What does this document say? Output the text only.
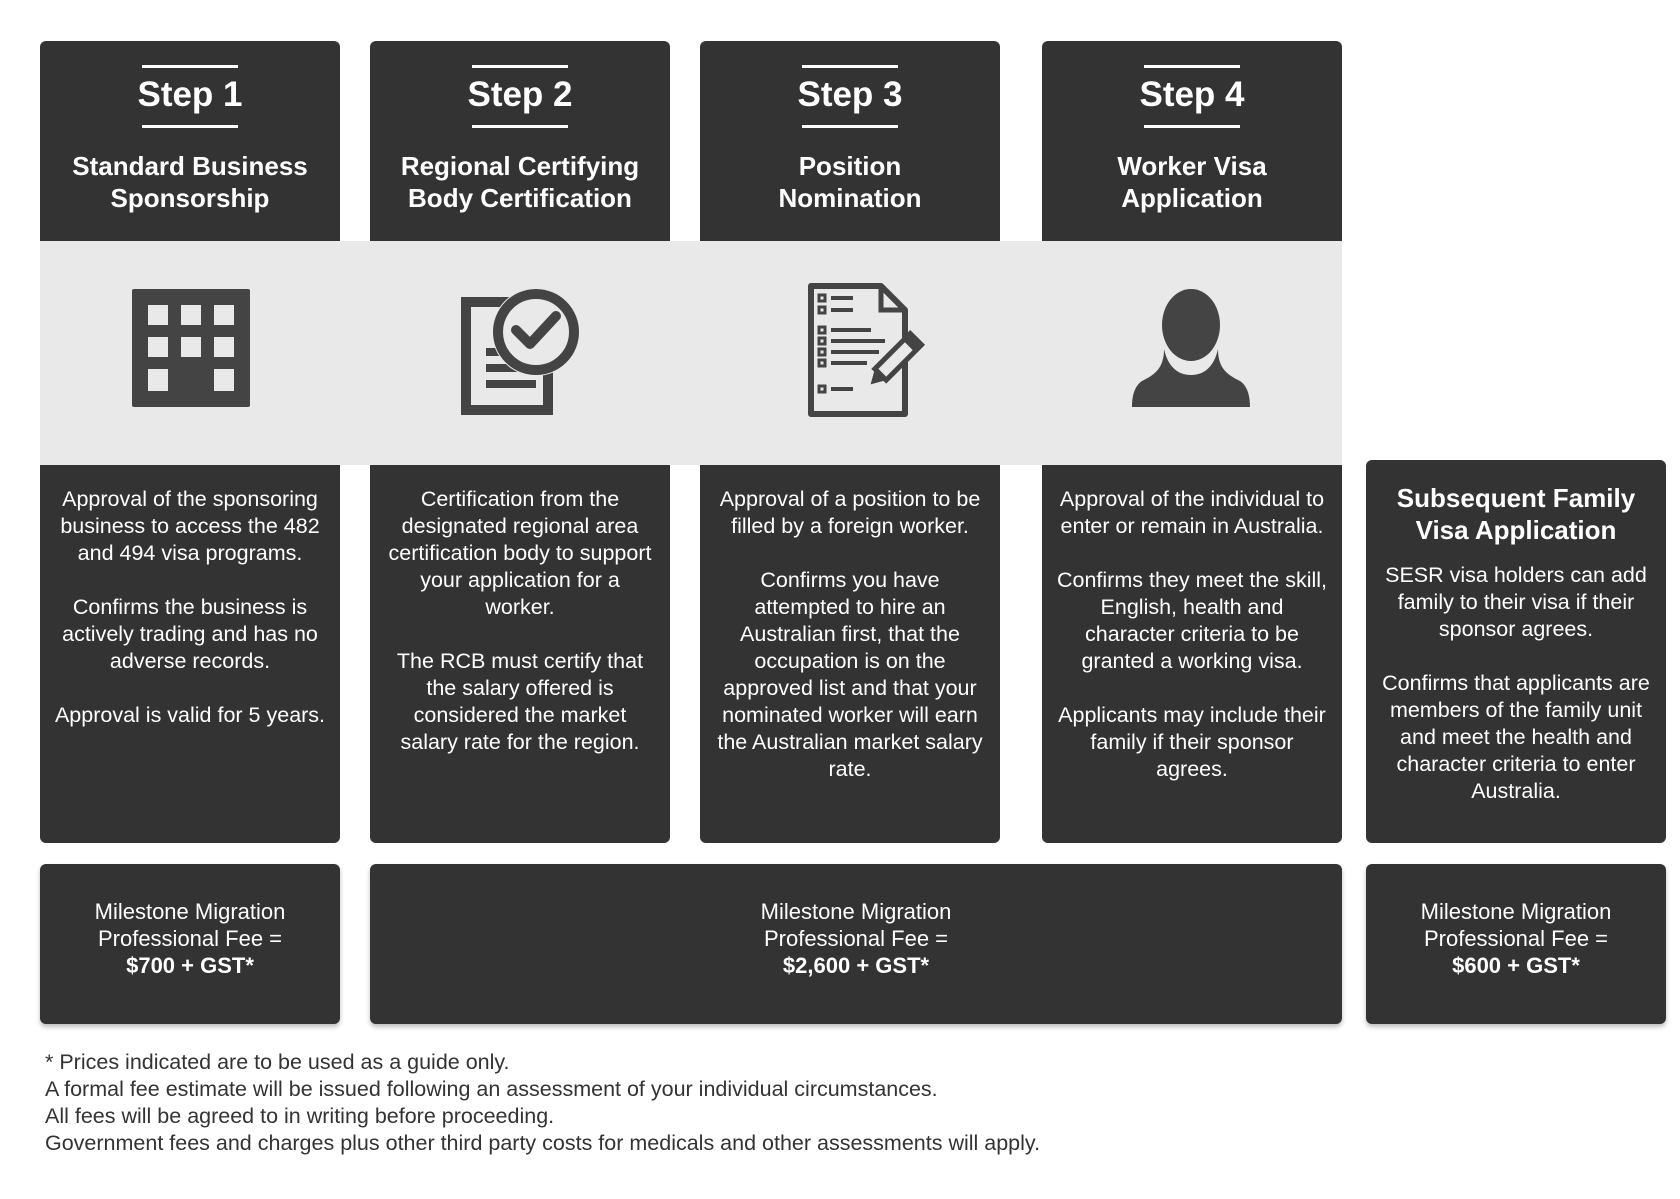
Step 1
Standard Business
Sponsorship
Step 2
Regional Certifying
Body Certification
Step 3
Position
Nomination
Step 4
Worker Visa
Application

Approval of the sponsoring business to access the 482 and 494 visa programs.

Confirms the business is actively trading and has no adverse records.

Approval is valid for 5 years.

Certification from the designated regional area certification body to support your application for a worker.

The RCB must certify that the salary offered is considered the market salary rate for the region.

Approval of a position to be filled by a foreign worker.

Confirms you have attempted to hire an Australian first, that the occupation is on the approved list and that your nominated worker will earn the Australian market salary rate.

Approval of the individual to enter or remain in Australia.

Confirms they meet the skill, English, health and character criteria to be granted a working visa.

Applicants may include their family if their sponsor agrees.

Subsequent Family
Visa Application

SESR visa holders can add family to their visa if their sponsor agrees.

Confirms that applicants are members of the family unit and meet the health and character criteria to enter Australia.

Milestone Migration
Professional Fee =
$700 + GST*
Milestone Migration
Professional Fee =
$2,600 + GST*
Milestone Migration
Professional Fee =
$600 + GST*
* Prices indicated are to be used as a guide only.
A formal fee estimate will be issued following an assessment of your individual circumstances.
All fees will be agreed to in writing before proceeding.
Government fees and charges plus other third party costs for medicals and other assessments will apply.
